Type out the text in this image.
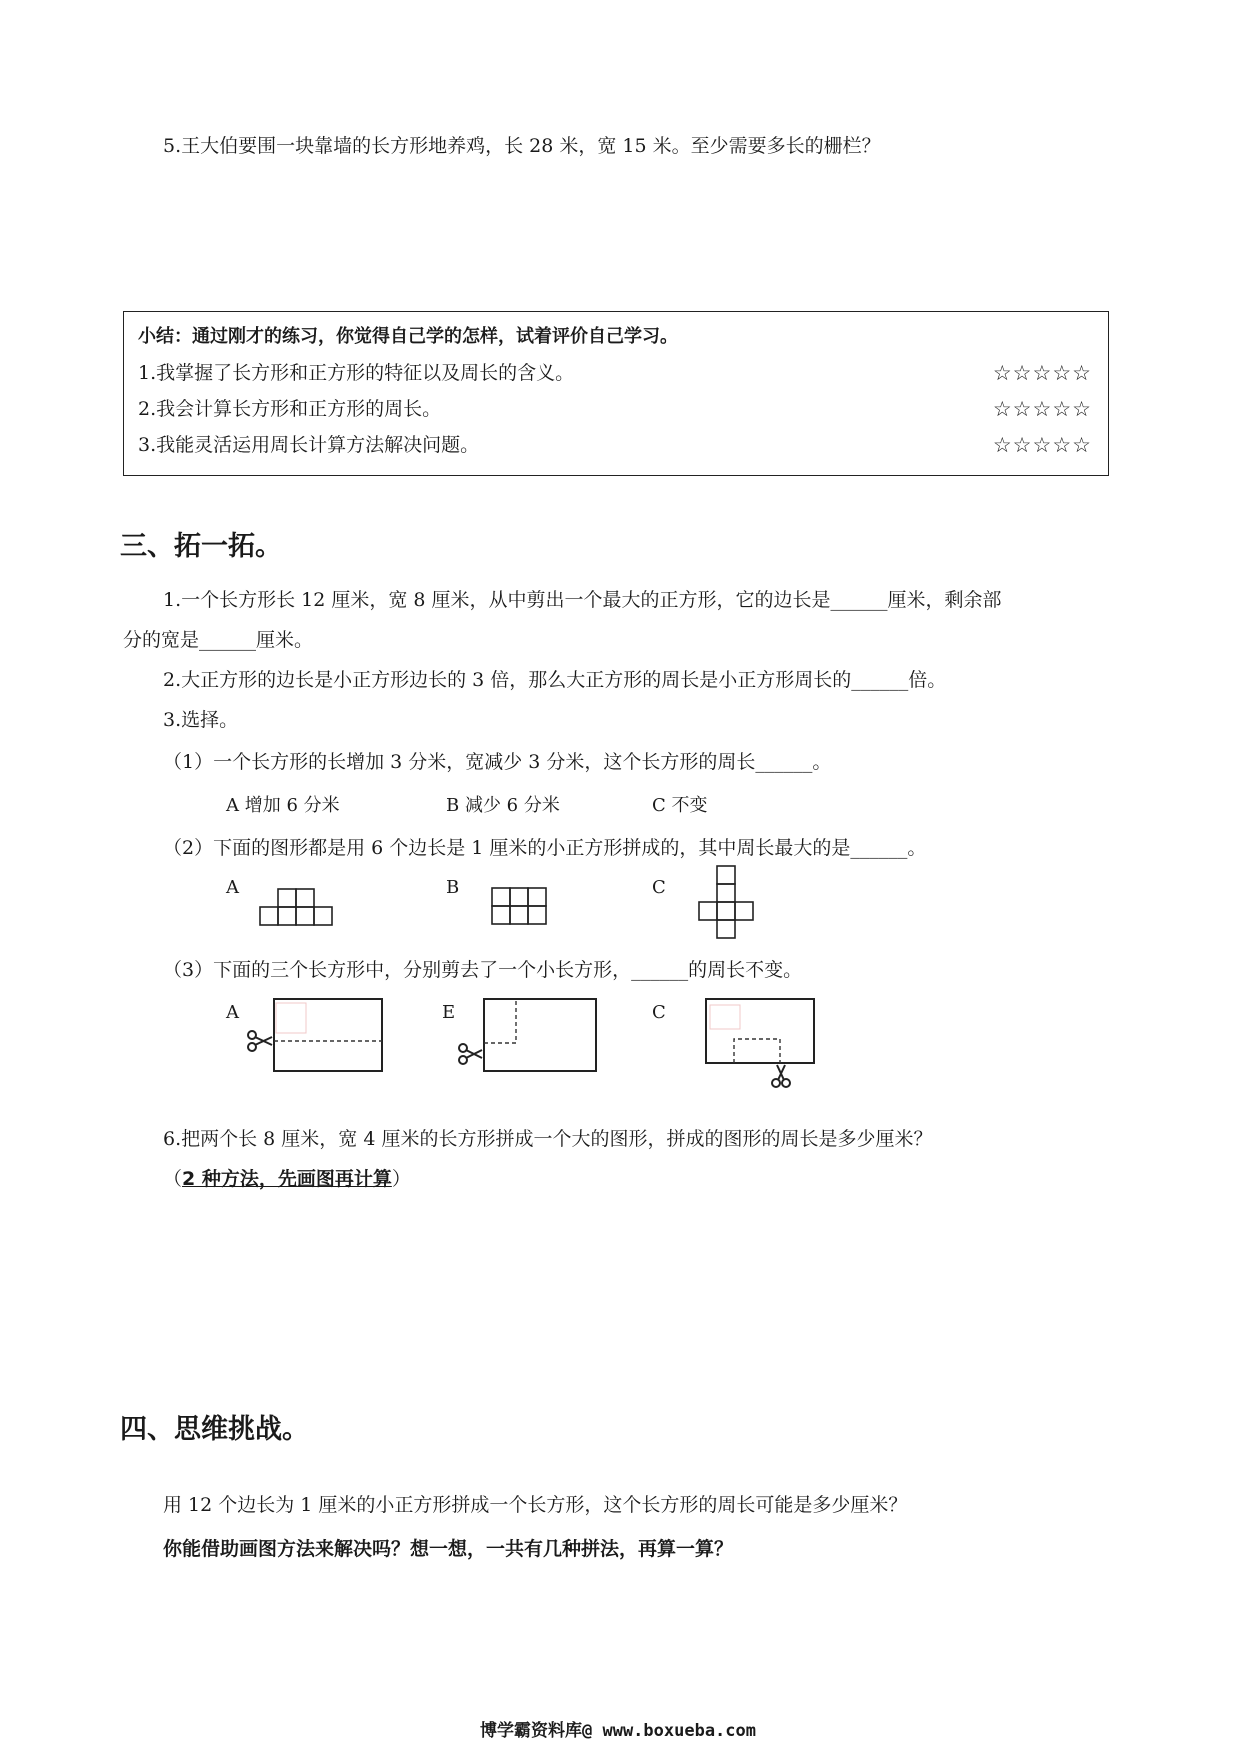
5.王大伯要围一块靠墙的长方形地养鸡，长 28 米，宽 15 米。至少需要多长的栅栏？
小结：通过刚才的练习，你觉得自己学的怎样，试着评价自己学习。
1.我掌握了长方形和正方形的特征以及周长的含义。	☆☆☆☆☆
2.我会计算长方形和正方形的周长。	☆☆☆☆☆
3.我能灵活运用周长计算方法解决问题。	☆☆☆☆☆
三、拓一拓。
1.一个长方形长 12 厘米，宽 8 厘米，从中剪出一个最大的正方形，它的边长是______厘米，剩余部
分的宽是______厘米。
2.大正方形的边长是小正方形边长的 3 倍，那么大正方形的周长是小正方形周长的______倍。
3.选择。
（1）一个长方形的长增加 3 分米，宽减少 3 分米，这个长方形的周长______。
A 增加 6 分米	B 减少 6 分米	C 不变
（2）下面的图形都是用 6 个边长是 1 厘米的小正方形拼成的，其中周长最大的是______。
A	B	C
（3）下面的三个长方形中，分别剪去了一个小长方形，______的周长不变。
A	E	C
6.把两个长 8 厘米，宽 4 厘米的长方形拼成一个大的图形，拼成的图形的周长是多少厘米？
（2 种方法，先画图再计算）
四、思维挑战。
用 12 个边长为 1 厘米的小正方形拼成一个长方形，这个长方形的周长可能是多少厘米？
你能借助画图方法来解决吗？想一想，一共有几种拼法，再算一算？
博学霸资料库@ www.boxueba.com
